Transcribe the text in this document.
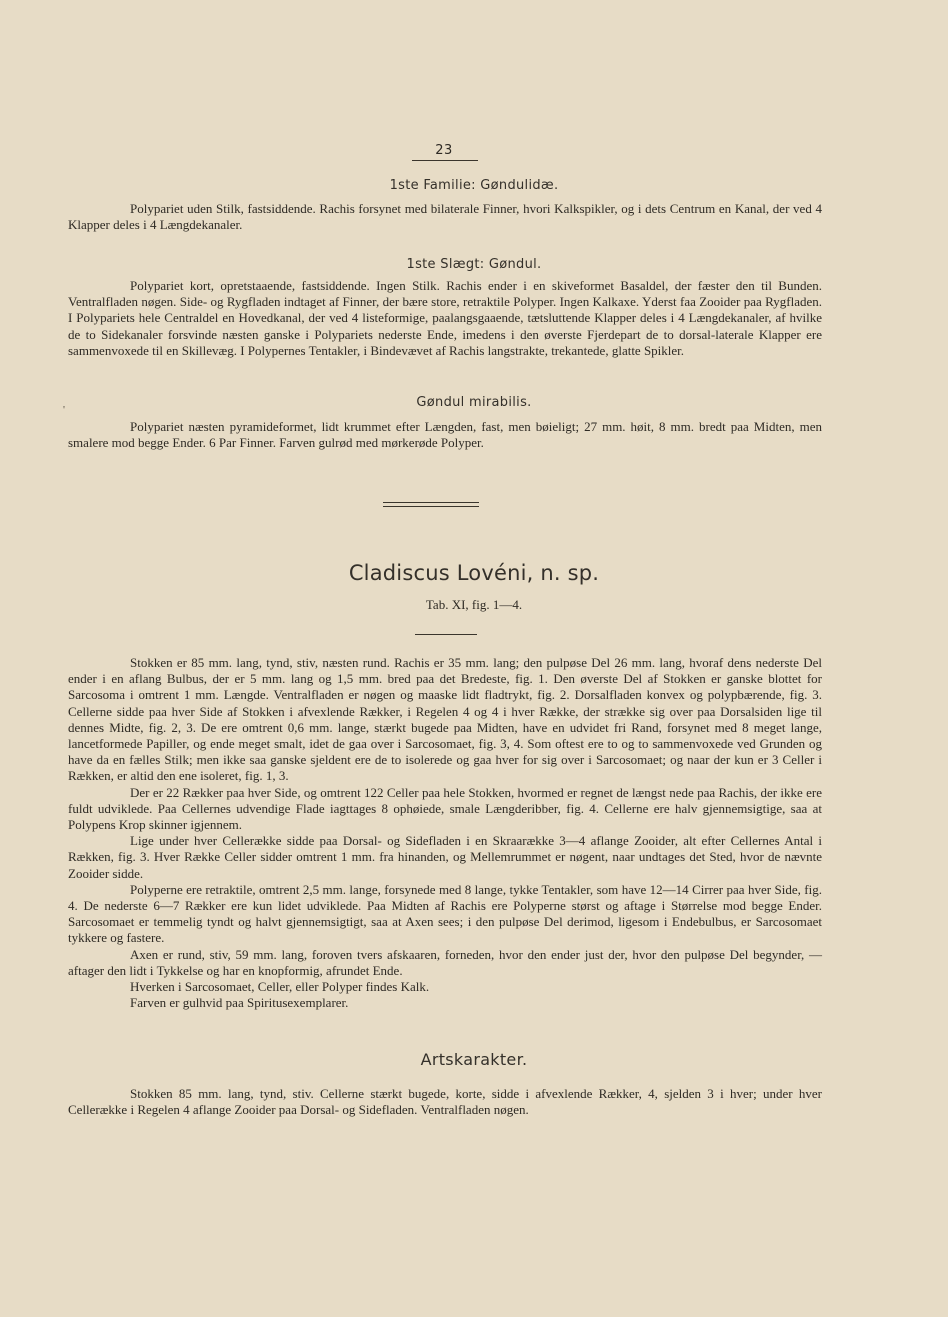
23
1ste Familie: Gøndulidæ.

Polypariet uden Stilk, fastsiddende. Rachis forsynet med bilaterale Finner, hvori Kalkspikler, og i dets Centrum en Kanal, der ved 4 Klapper deles i 4 Længdekanaler.

1ste Slægt: Gøndul.

Polypariet kort, opretstaaende, fastsiddende. Ingen Stilk. Rachis ender i en skiveformet Basaldel, der fæster den til Bunden. Ventralfladen nøgen. Side- og Rygfladen indtaget af Finner, der bære store, retraktile Polyper. Ingen Kalkaxe. Yderst faa Zooider paa Rygfladen. I Polypariets hele Centraldel en Hovedkanal, der ved 4 listeformige, paalangsgaaende, tætsluttende Klapper deles i 4 Længdekanaler, af hvilke de to Sidekanaler forsvinde næsten ganske i Polypariets nederste Ende, imedens i den øverste Fjerdepart de to dorsal-laterale Klapper ere sammenvoxede til en Skillevæg. I Polypernes Tentakler, i Bindevævet af Rachis langstrakte, trekantede, glatte Spikler.

'	Gøndul mirabilis.

Polypariet næsten pyramideformet, lidt krummet efter Længden, fast, men bøieligt; 27 mm. høit, 8 mm. bredt paa Midten, men smalere mod begge Ender. 6 Par Finner. Farven gulrød med mørkerøde Polyper.

Cladiscus Lovéni, n. sp.
Tab. XI, fig. 1—4.

Stokken er 85 mm. lang, tynd, stiv, næsten rund. Rachis er 35 mm. lang; den pulpøse Del 26 mm. lang, hvoraf dens nederste Del ender i en aflang Bulbus, der er 5 mm. lang og 1,5 mm. bred paa det Bredeste, fig. 1. Den øverste Del af Stokken er ganske blottet for Sarcosoma i omtrent 1 mm. Længde. Ventralfladen er nøgen og maaske lidt fladtrykt, fig. 2. Dorsalfladen konvex og polypbærende, fig. 3. Cellerne sidde paa hver Side af Stokken i afvexlende Rækker, i Regelen 4 og 4 i hver Række, der strække sig over paa Dorsalsiden lige til dennes Midte, fig. 2, 3. De ere omtrent 0,6 mm. lange, stærkt bugede paa Midten, have en udvidet fri Rand, forsynet med 8 meget lange, lancetformede Papiller, og ende meget smalt, idet de gaa over i Sarcosomaet, fig. 3, 4. Som oftest ere to og to sammenvoxede ved Grunden og have da en fælles Stilk; men ikke saa ganske sjeldent ere de to isolerede og gaa hver for sig over i Sarcosomaet; og naar der kun er 3 Celler i Rækken, er altid den ene isoleret, fig. 1, 3.

Der er 22 Rækker paa hver Side, og omtrent 122 Celler paa hele Stokken, hvormed er regnet de længst nede paa Rachis, der ikke ere fuldt udviklede. Paa Cellernes udvendige Flade iagttages 8 ophøiede, smale Længderibber, fig. 4. Cellerne ere halv gjennemsigtige, saa at Polypens Krop skinner igjennem.

Lige under hver Cellerække sidde paa Dorsal- og Sidefladen i en Skraarække 3—4 aflange Zooider, alt efter Cellernes Antal i Rækken, fig. 3. Hver Række Celler sidder omtrent 1 mm. fra hinanden, og Mellemrummet er nøgent, naar undtages det Sted, hvor de nævnte Zooider sidde.

Polyperne ere retraktile, omtrent 2,5 mm. lange, forsynede med 8 lange, tykke Tentakler, som have 12—14 Cirrer paa hver Side, fig. 4. De nederste 6—7 Rækker ere kun lidet udviklede. Paa Midten af Rachis ere Polyperne størst og aftage i Størrelse mod begge Ender. Sarcosomaet er temmelig tyndt og halvt gjennemsigtigt, saa at Axen sees; i den pulpøse Del derimod, ligesom i Endebulbus, er Sarcosomaet tykkere og fastere.

Axen er rund, stiv, 59 mm. lang, foroven tvers afskaaren, forneden, hvor den ender just der, hvor den pulpøse Del begynder, — aftager den lidt i Tykkelse og har en knopformig, afrundet Ende.

Hverken i Sarcosomaet, Celler, eller Polyper findes Kalk.

Farven er gulhvid paa Spiritusexemplarer.

Artskarakter.

Stokken 85 mm. lang, tynd, stiv. Cellerne stærkt bugede, korte, sidde i afvexlende Rækker, 4, sjelden 3 i hver; under hver Cellerække i Regelen 4 aflange Zooider paa Dorsal- og Sidefladen. Ventralfladen nøgen.
